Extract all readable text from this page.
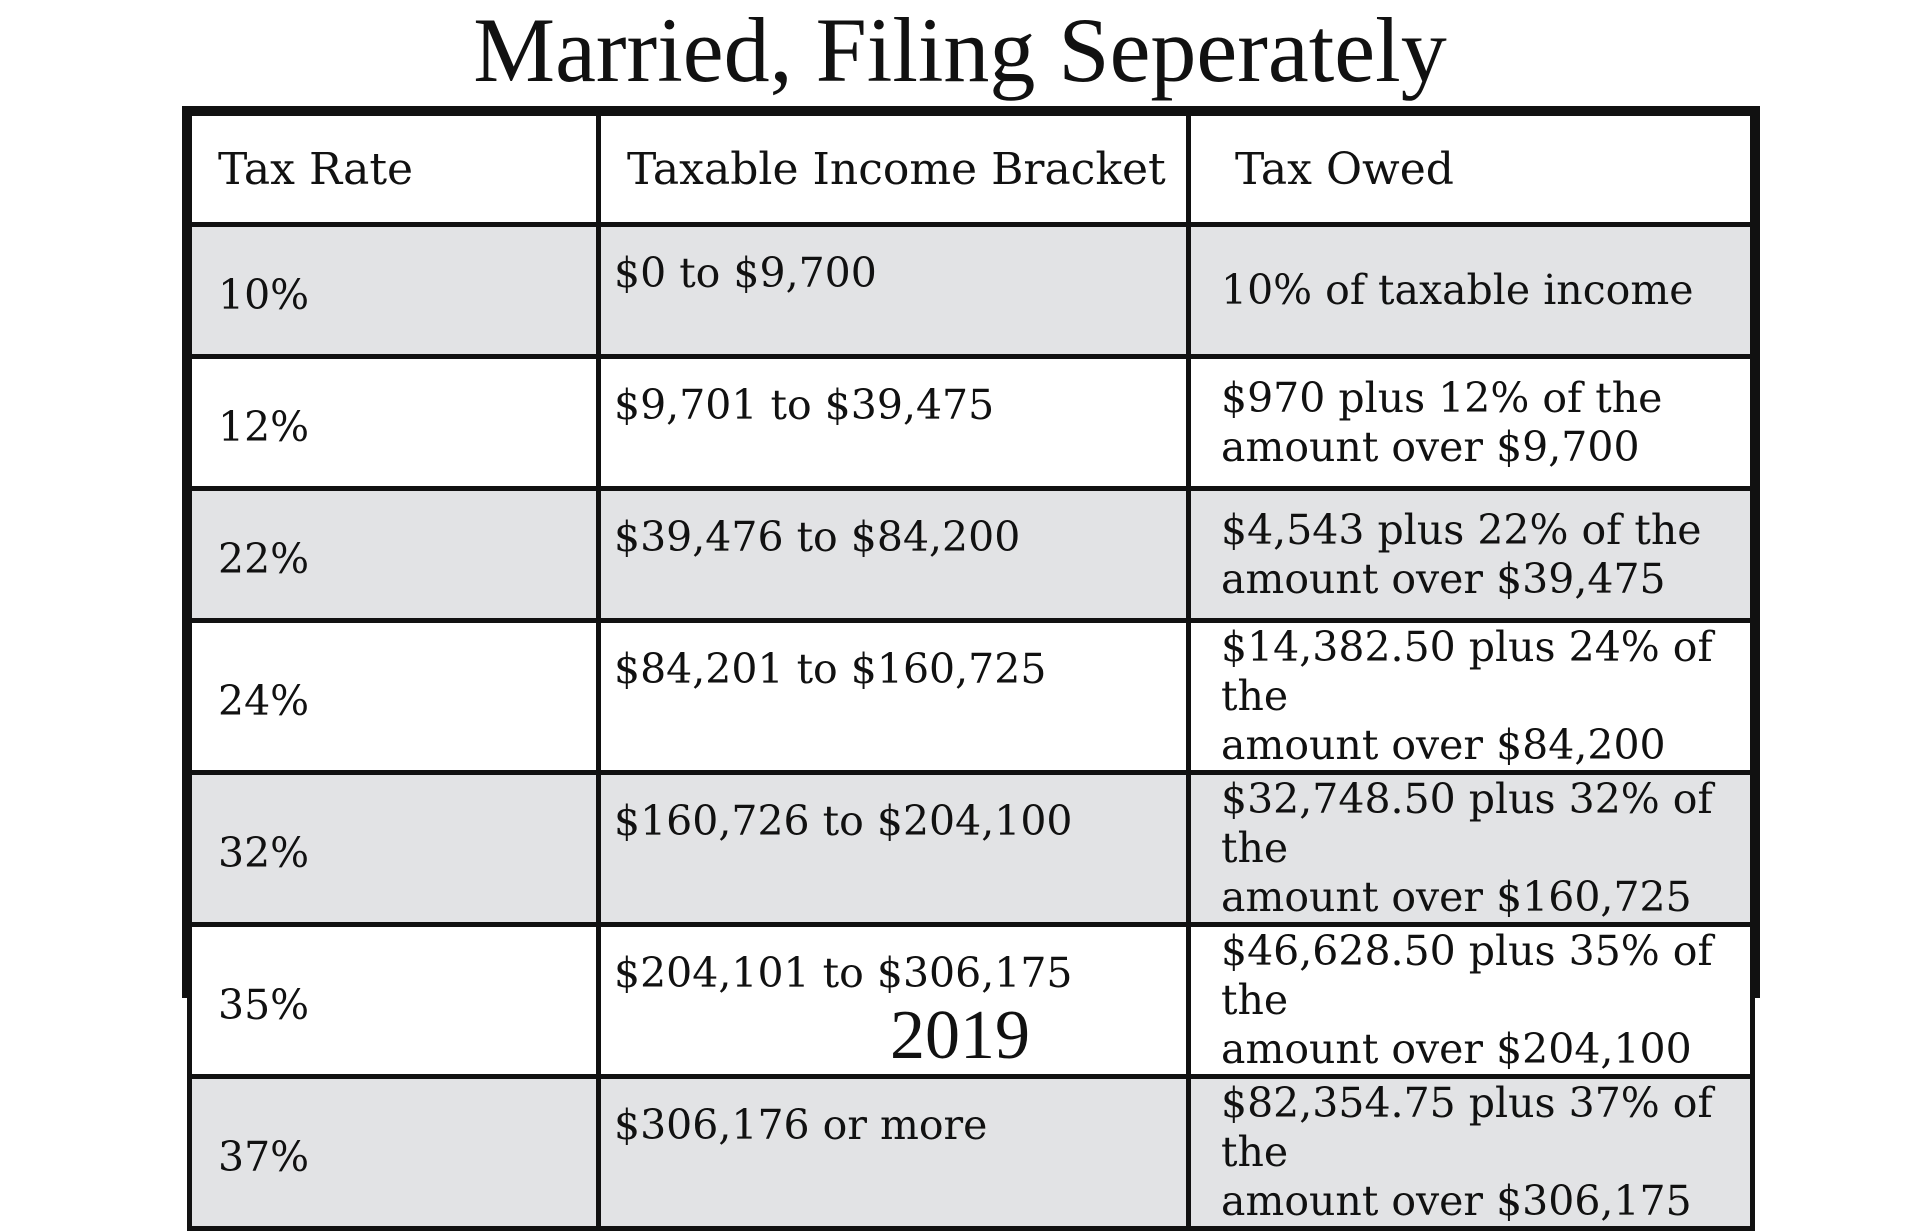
Married, Filing Seperately
Tax Rate	Taxable Income Bracket	Tax Owed
10%	$0 to $9,700	10% of taxable income
12%	$9,701 to $39,475	$970 plus 12% of the
amount over $9,700
22%	$39,476 to $84,200	$4,543 plus 22% of the
amount over $39,475
24%	$84,201 to $160,725	$14,382.50 plus 24% of the
amount over $84,200
32%	$160,726 to $204,100	$32,748.50 plus 32% of the
amount over $160,725
35%	$204,101 to $306,175	$46,628.50 plus 35% of the
amount over $204,100
37%	$306,176 or more	$82,354.75 plus 37% of the
amount over $306,175
2019
